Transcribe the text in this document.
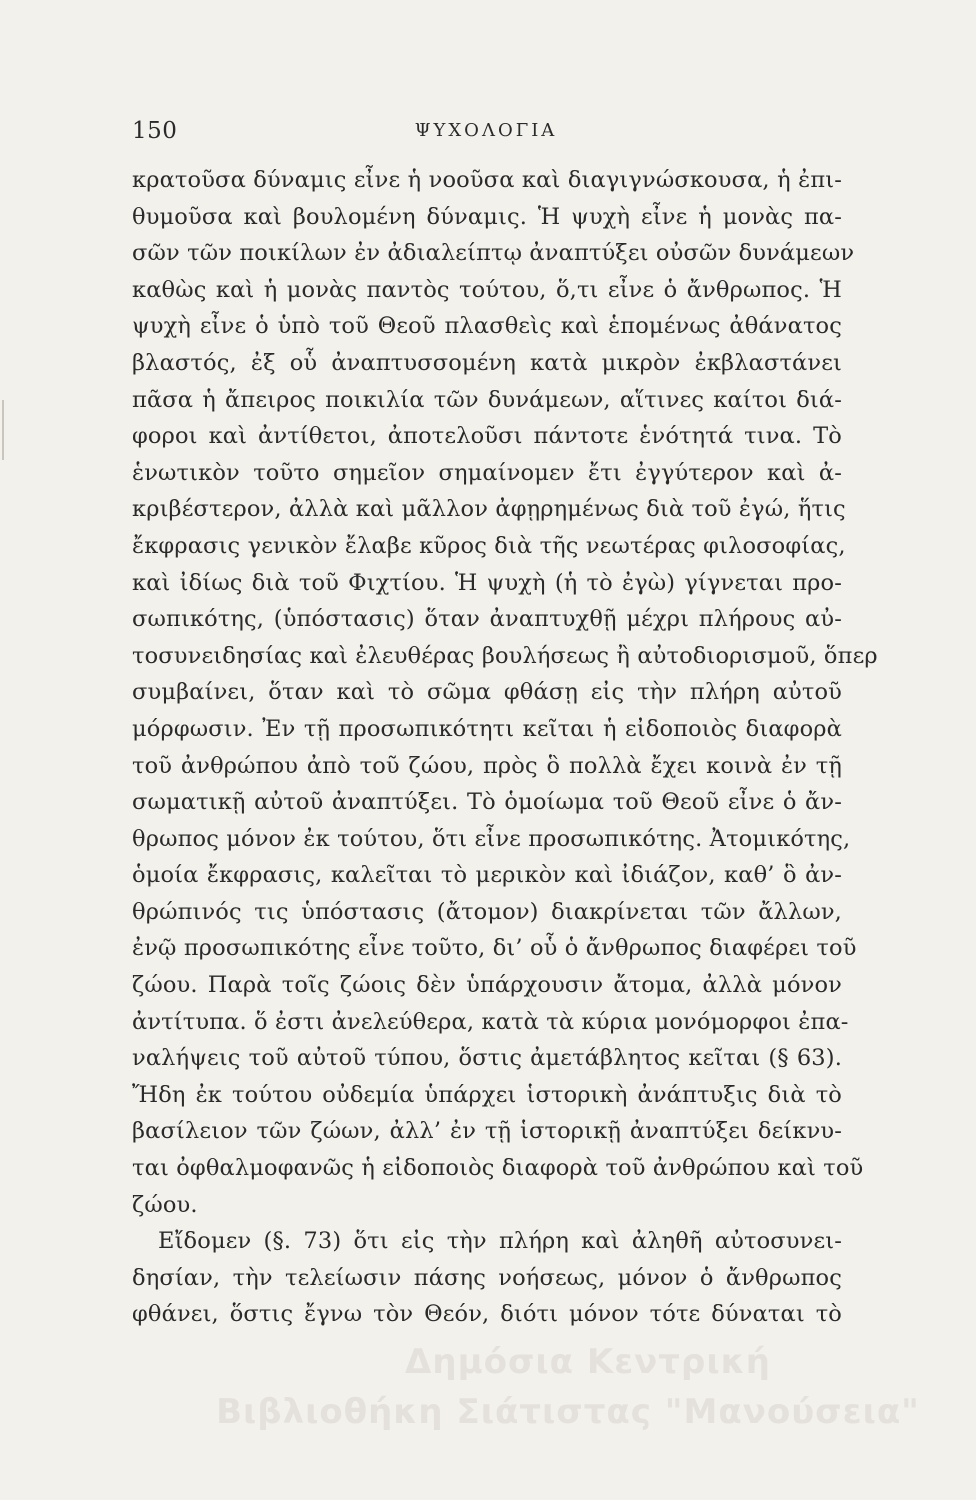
150	ΨΥΧΟΛΟΓΙΑ
κρατοῦσα δύναμις εἶνε ἡ νοοῦσα καὶ διαγιγνώσκουσα, ἡ ἐπι-
θυμοῦσα καὶ βουλομένη δύναμις. Ἡ ψυχὴ εἶνε ἡ μονὰς πα-
σῶν τῶν ποικίλων ἐν ἀδιαλείπτῳ ἀναπτύξει οὐσῶν δυνάμεων
καθὼς καὶ ἡ μονὰς παντὸς τούτου, ὅ,τι εἶνε ὁ ἄνθρωπος. Ἡ
ψυχὴ εἶνε ὁ ὑπὸ τοῦ Θεοῦ πλασθεὶς καὶ ἑπομένως ἀθάνατος
βλαστός, ἐξ οὗ ἀναπτυσσομένη κατὰ μικρὸν ἐκβλαστάνει
πᾶσα ἡ ἄπειρος ποικιλία τῶν δυνάμεων, αἵτινες καίτοι διά-
φοροι καὶ ἀντίθετοι, ἀποτελοῦσι πάντοτε ἑνότητά τινα. Τὸ
ἑνωτικὸν τοῦτο σημεῖον σημαίνομεν ἔτι ἐγγύτερον καὶ ἀ-
κριβέστερον, ἀλλὰ καὶ μᾶλλον ἀφῃρημένως διὰ τοῦ ἐγώ, ἥτις
ἔκφρασις γενικὸν ἔλαβε κῦρος διὰ τῆς νεωτέρας φιλοσοφίας,
καὶ ἰδίως διὰ τοῦ Φιχτίου. Ἡ ψυχὴ (ἡ τὸ ἐγὼ) γίγνεται προ-
σωπικότης, (ὑπόστασις) ὅταν ἀναπτυχθῇ μέχρι πλήρους αὐ-
τοσυνειδησίας καὶ ἐλευθέρας βουλήσεως ἢ αὐτοδιορισμοῦ, ὅπερ
συμβαίνει, ὅταν καὶ τὸ σῶμα φθάσῃ εἰς τὴν πλήρη αὐτοῦ
μόρφωσιν. Ἐν τῇ προσωπικότητι κεῖται ἡ εἰδοποιὸς διαφορὰ
τοῦ ἀνθρώπου ἀπὸ τοῦ ζώου, πρὸς ὃ πολλὰ ἔχει κοινὰ ἐν τῇ
σωματικῇ αὐτοῦ ἀναπτύξει. Τὸ ὁμοίωμα τοῦ Θεοῦ εἶνε ὁ ἄν-
θρωπος μόνον ἐκ τούτου, ὅτι εἶνε προσωπικότης. Ἀτομικότης,
ὁμοία ἔκφρασις, καλεῖται τὸ μερικὸν καὶ ἰδιάζον, καθ’ ὃ ἀν-
θρώπινός τις ὑπόστασις (ἄτομον) διακρίνεται τῶν ἄλλων,
ἐνῷ προσωπικότης εἶνε τοῦτο, δι’ οὗ ὁ ἄνθρωπος διαφέρει τοῦ
ζώου. Παρὰ τοῖς ζώοις δὲν ὑπάρχουσιν ἄτομα, ἀλλὰ μόνον
ἀντίτυπα. ὅ ἐστι ἀνελεύθερα, κατὰ τὰ κύρια μονόμορφοι ἐπα-
ναλήψεις τοῦ αὐτοῦ τύπου, ὅστις ἀμετάβλητος κεῖται (§ 63).
Ἤδη ἐκ τούτου οὐδεμία ὑπάρχει ἱστορικὴ ἀνάπτυξις διὰ τὸ
βασίλειον τῶν ζώων, ἀλλ’ ἐν τῇ ἱστορικῇ ἀναπτύξει δείκνυ-
ται ὀφθαλμοφανῶς ἡ εἰδοποιὸς διαφορὰ τοῦ ἀνθρώπου καὶ τοῦ
ζώου.
Εἴδομεν (§. 73) ὅτι εἰς τὴν πλήρη καὶ ἀληθῆ αὐτοσυνει-
δησίαν, τὴν τελείωσιν πάσης νοήσεως, μόνον ὁ ἄνθρωπος
φθάνει, ὅστις ἔγνω τὸν Θεόν, διότι μόνον τότε δύναται τὸ
Δημόσια Κεντρική
Βιβλιοθήκη Σιάτιστας "Μανούσεια"
